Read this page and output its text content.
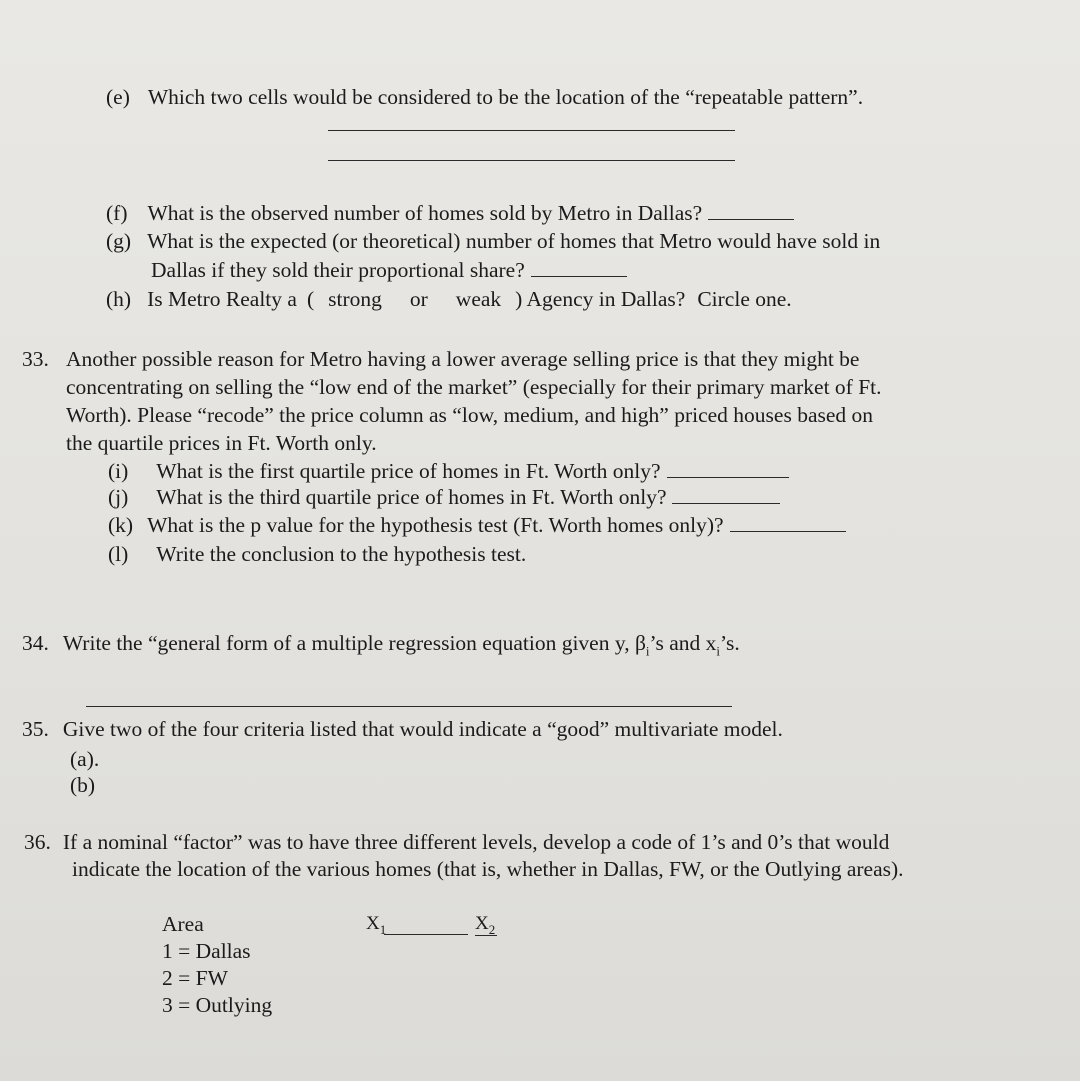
(e) Which two cells would be considered to be the location of the “repeatable pattern”.
(f) What is the observed number of homes sold by Metro in Dallas?
(g) What is the expected (or theoretical) number of homes that Metro would have sold in
Dallas if they sold their proportional share?
(h) Is Metro Realty a ( strong or weak ) Agency in Dallas? Circle one.
33. Another possible reason for Metro having a lower average selling price is that they might be
concentrating on selling the “low end of the market” (especially for their primary market of Ft.
Worth). Please “recode” the price column as “low, medium, and high” priced houses based on
the quartile prices in Ft. Worth only.
(i) What is the first quartile price of homes in Ft. Worth only?
(j) What is the third quartile price of homes in Ft. Worth only?
(k) What is the p value for the hypothesis test (Ft. Worth homes only)?
(l) Write the conclusion to the hypothesis test.
34. Write the “general form of a multiple regression equation given y, $\beta_i’s$ and $x_i’s$.
35. Give two of the four criteria listed that would indicate a “good” multivariate model.
(a).
(b)
36. If a nominal “factor” was to have three different levels, develop a code of 1’s and 0’s that would
indicate the location of the various homes (that is, whether in Dallas, FW, or the Outlying areas).
Area
1 = Dallas
2 = FW
3 = Outlying
$X_1$	$X_2$
